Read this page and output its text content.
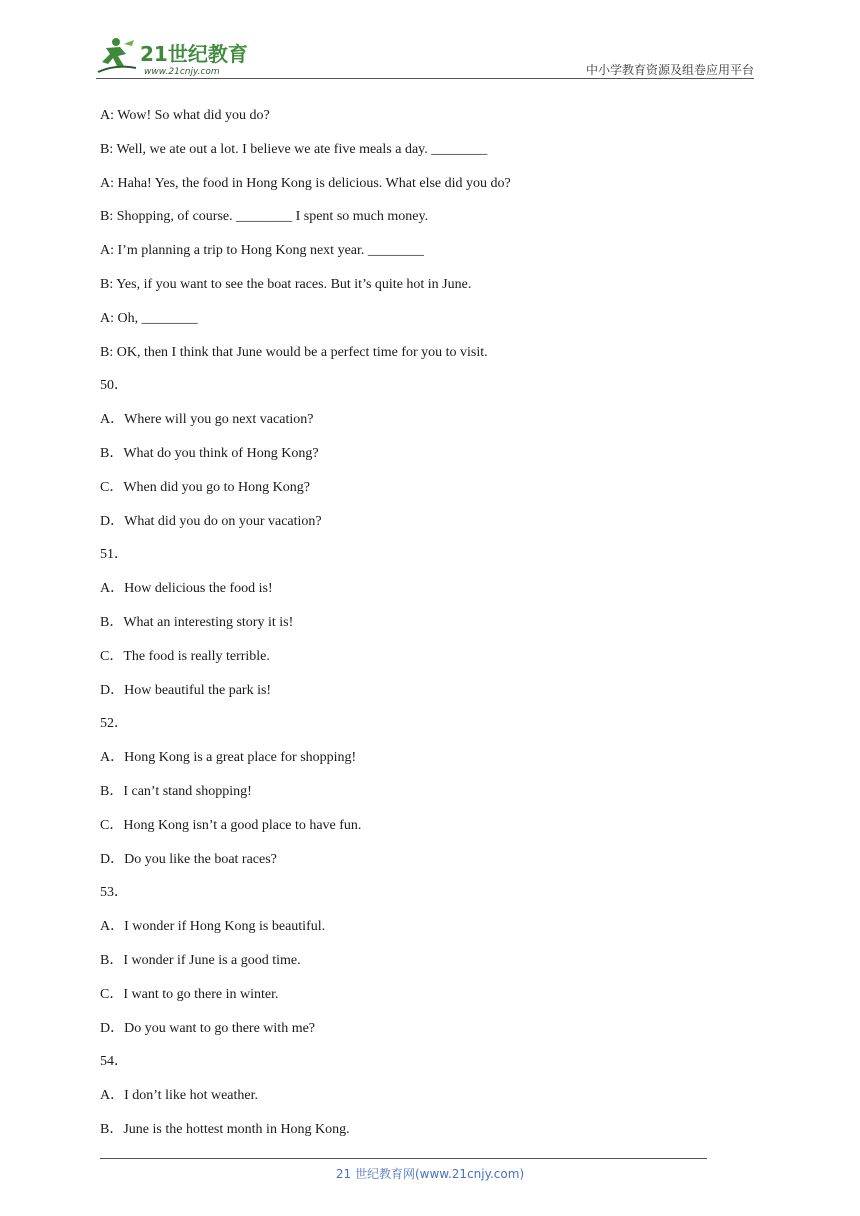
21世纪教育
www.21cnjy.com	中小学教育资源及组卷应用平台
A: Wow! So what did you do?
B: Well, we ate out a lot. I believe we ate five meals a day. ________
A: Haha! Yes, the food in Hong Kong is delicious. What else did you do?
B: Shopping, of course. ________ I spent so much money.
A: I’m planning a trip to Hong Kong next year. ________
B: Yes, if you want to see the boat races. But it’s quite hot in June.
A: Oh, ________
B: OK, then I think that June would be a perfect time for you to visit.
50．
A．Where will you go next vacation?
B．What do you think of Hong Kong?
C．When did you go to Hong Kong?
D．What did you do on your vacation?
51．
A．How delicious the food is!
B．What an interesting story it is!
C．The food is really terrible.
D．How beautiful the park is!
52．
A．Hong Kong is a great place for shopping!
B．I can’t stand shopping!
C．Hong Kong isn’t a good place to have fun.
D．Do you like the boat races?
53．
A．I wonder if Hong Kong is beautiful.
B．I wonder if June is a good time.
C．I want to go there in winter.
D．Do you want to go there with me?
54．
A．I don’t like hot weather.
B．June is the hottest month in Hong Kong.
21 世纪教育网(www.21cnjy.com)
